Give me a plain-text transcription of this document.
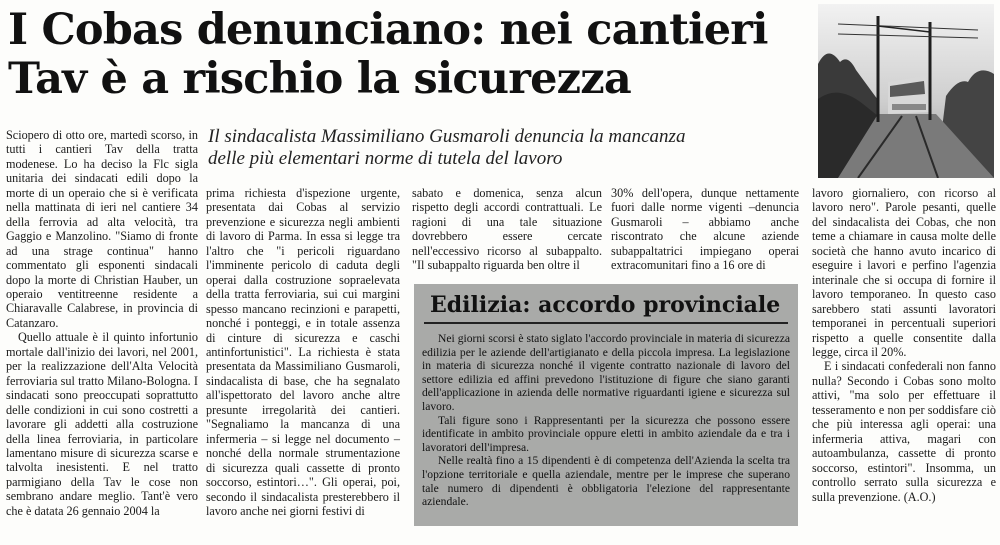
I Cobas denunciano: nei cantieri
Tav è a rischio la sicurezza
Il sindacalista Massimiliano Gusmaroli denuncia la mancanza
delle più elementari norme di tutela del lavoro

Sciopero di otto ore, martedì scorso, in tutti i cantieri Tav della tratta modenese. Lo ha deciso la Flc sigla unitaria dei sindacati edili dopo la morte di un operaio che si è verificata nella mattinata di ieri nel cantiere 34 della ferrovia ad alta velocità, tra Gaggio e Manzolino. "Siamo di fronte ad una strage continua" hanno commentato gli esponenti sindacali dopo la morte di Christian Hauber, un operaio ventitreenne residente a Chiaravalle Calabrese, in provincia di Catanzaro.

Quello attuale è il quinto infortunio mortale dall'inizio dei lavori, nel 2001, per la realizzazione dell'Alta Velocità ferroviaria sul tratto Milano-Bologna. I sindacati sono preoccupati soprattutto delle condizioni in cui sono costretti a lavorare gli addetti alla costruzione della linea ferroviaria, in particolare lamentano misure di sicurezza scarse e talvolta inesistenti. E nel tratto parmigiano della Tav le cose non sembrano andare meglio. Tant'è vero che è datata 26 gennaio 2004 la

prima richiesta d'ispezione urgente, presentata dai Cobas al servizio prevenzione e sicurezza negli ambienti di lavoro di Parma. In essa si legge tra l'altro che "i pericoli riguardano l'imminente pericolo di caduta degli operai dalla costruzione sopraelevata della tratta ferroviaria, sui cui margini spesso mancano recinzioni e parapetti, nonché i ponteggi, e in totale assenza di cinture di sicurezza e caschi antinfortunistici". La richiesta è stata presentata da Massimiliano Gusmaroli, sindacalista di base, che ha segnalato all'ispettorato del lavoro anche altre presunte irregolarità dei cantieri. "Segnaliamo la mancanza di una infermeria – si legge nel documento – nonché della normale strumentazione di sicurezza quali cassette di pronto soccorso, estintori…". Gli operai, poi, secondo il sindacalista presterebbero il lavoro anche nei giorni festivi di

sabato e domenica, senza alcun rispetto degli accordi contrattuali. Le ragioni di una tale situazione dovrebbero essere cercate nell'eccessivo ricorso al subappalto. "Il subappalto riguarda ben oltre il

30% dell'opera, dunque nettamente fuori dalle norme vigenti –denuncia Gusmaroli – abbiamo anche riscontrato che alcune aziende subappaltatrici impiegano operai extracomunitari fino a 16 ore di

lavoro giornaliero, con ricorso al lavoro nero". Parole pesanti, quelle del sindacalista dei Cobas, che non teme a chiamare in causa molte delle società che hanno avuto incarico di eseguire i lavori e perfino l'agenzia interinale che si occupa di fornire il lavoro temporaneo. In questo caso sarebbero stati assunti lavoratori temporanei in percentuali superiori rispetto a quelle consentite dalla legge, circa il 20%.

E i sindacati confederali non fanno nulla? Secondo i Cobas sono molto attivi, "ma solo per effettuare il tesseramento e non per soddisfare ciò che più interessa agli operai: una infermeria attiva, magari con autoambulanza, cassette di pronto soccorso, estintori". Insomma, un controllo serrato sulla sicurezza e sulla prevenzione. (A.O.)

Edilizia: accordo provinciale

Nei giorni scorsi è stato siglato l'accordo provinciale in materia di sicurezza edilizia per le aziende dell'artigianato e della piccola impresa. La legislazione in materia di sicurezza nonché il vigente contratto nazionale di lavoro del settore edilizia ed affini prevedono l'istituzione di figure che siano garanti dell'applicazione in azienda delle normative riguardanti igiene e sicurezza sul lavoro.

Tali figure sono i Rappresentanti per la sicurezza che possono essere identificate in ambito provinciale oppure eletti in ambito aziendale da e tra i lavoratori dell'impresa.

Nelle realtà fino a 15 dipendenti è di competenza dell'Azienda la scelta tra l'opzione territoriale e quella aziendale, mentre per le imprese che superano tale numero di dipendenti è obbligatoria l'elezione del rappresentante aziendale.
